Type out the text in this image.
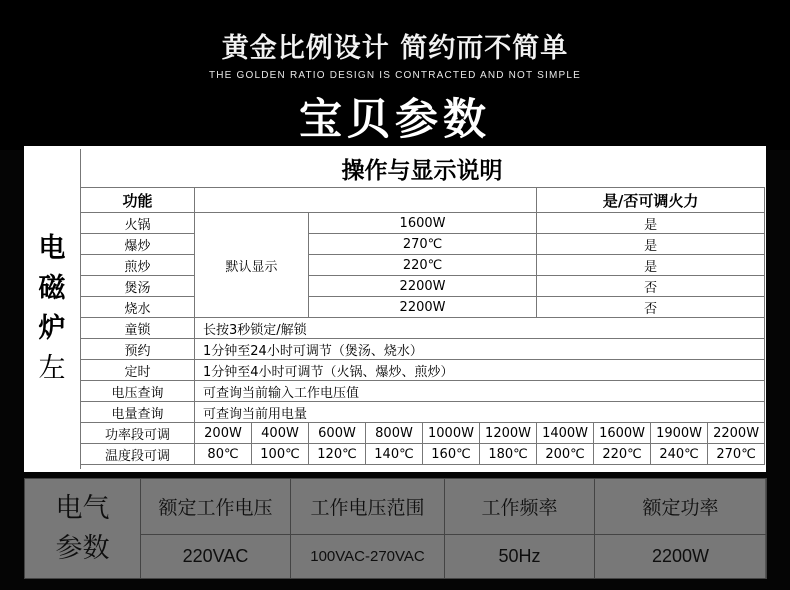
黄金比例设计 简约而不简单
THE GOLDEN RATIO DESIGN IS CONTRACTED AND NOT SIMPLE
宝贝参数
电
磁
炉
左
操作与显示说明
功能							是/否可调火力			
火锅	默认显示		1600W				是			
爆炒			270℃				是			
煎炒			220℃				是			
煲汤			2200W				否			
烧水			2200W				否			
童锁	长按3秒锁定/解锁									
预约	1分钟至24小时可调节（煲汤、烧水）									
定时	1分钟至4小时可调节（火锅、爆炒、煎炒）									
电压查询	可查询当前输入工作电压值									
电量查询	可查询当前用电量									
功率段可调	200W	400W	600W	800W	1000W	1200W	1400W	1600W	1900W	2200W
温度段可调	80℃	100℃	120℃	140℃	160℃	180℃	200℃	220℃	240℃	270℃
电气
参数	额定工作电压	工作电压范围	工作频率	额定功率
	220VAC	100VAC-270VAC	50Hz	2200W
